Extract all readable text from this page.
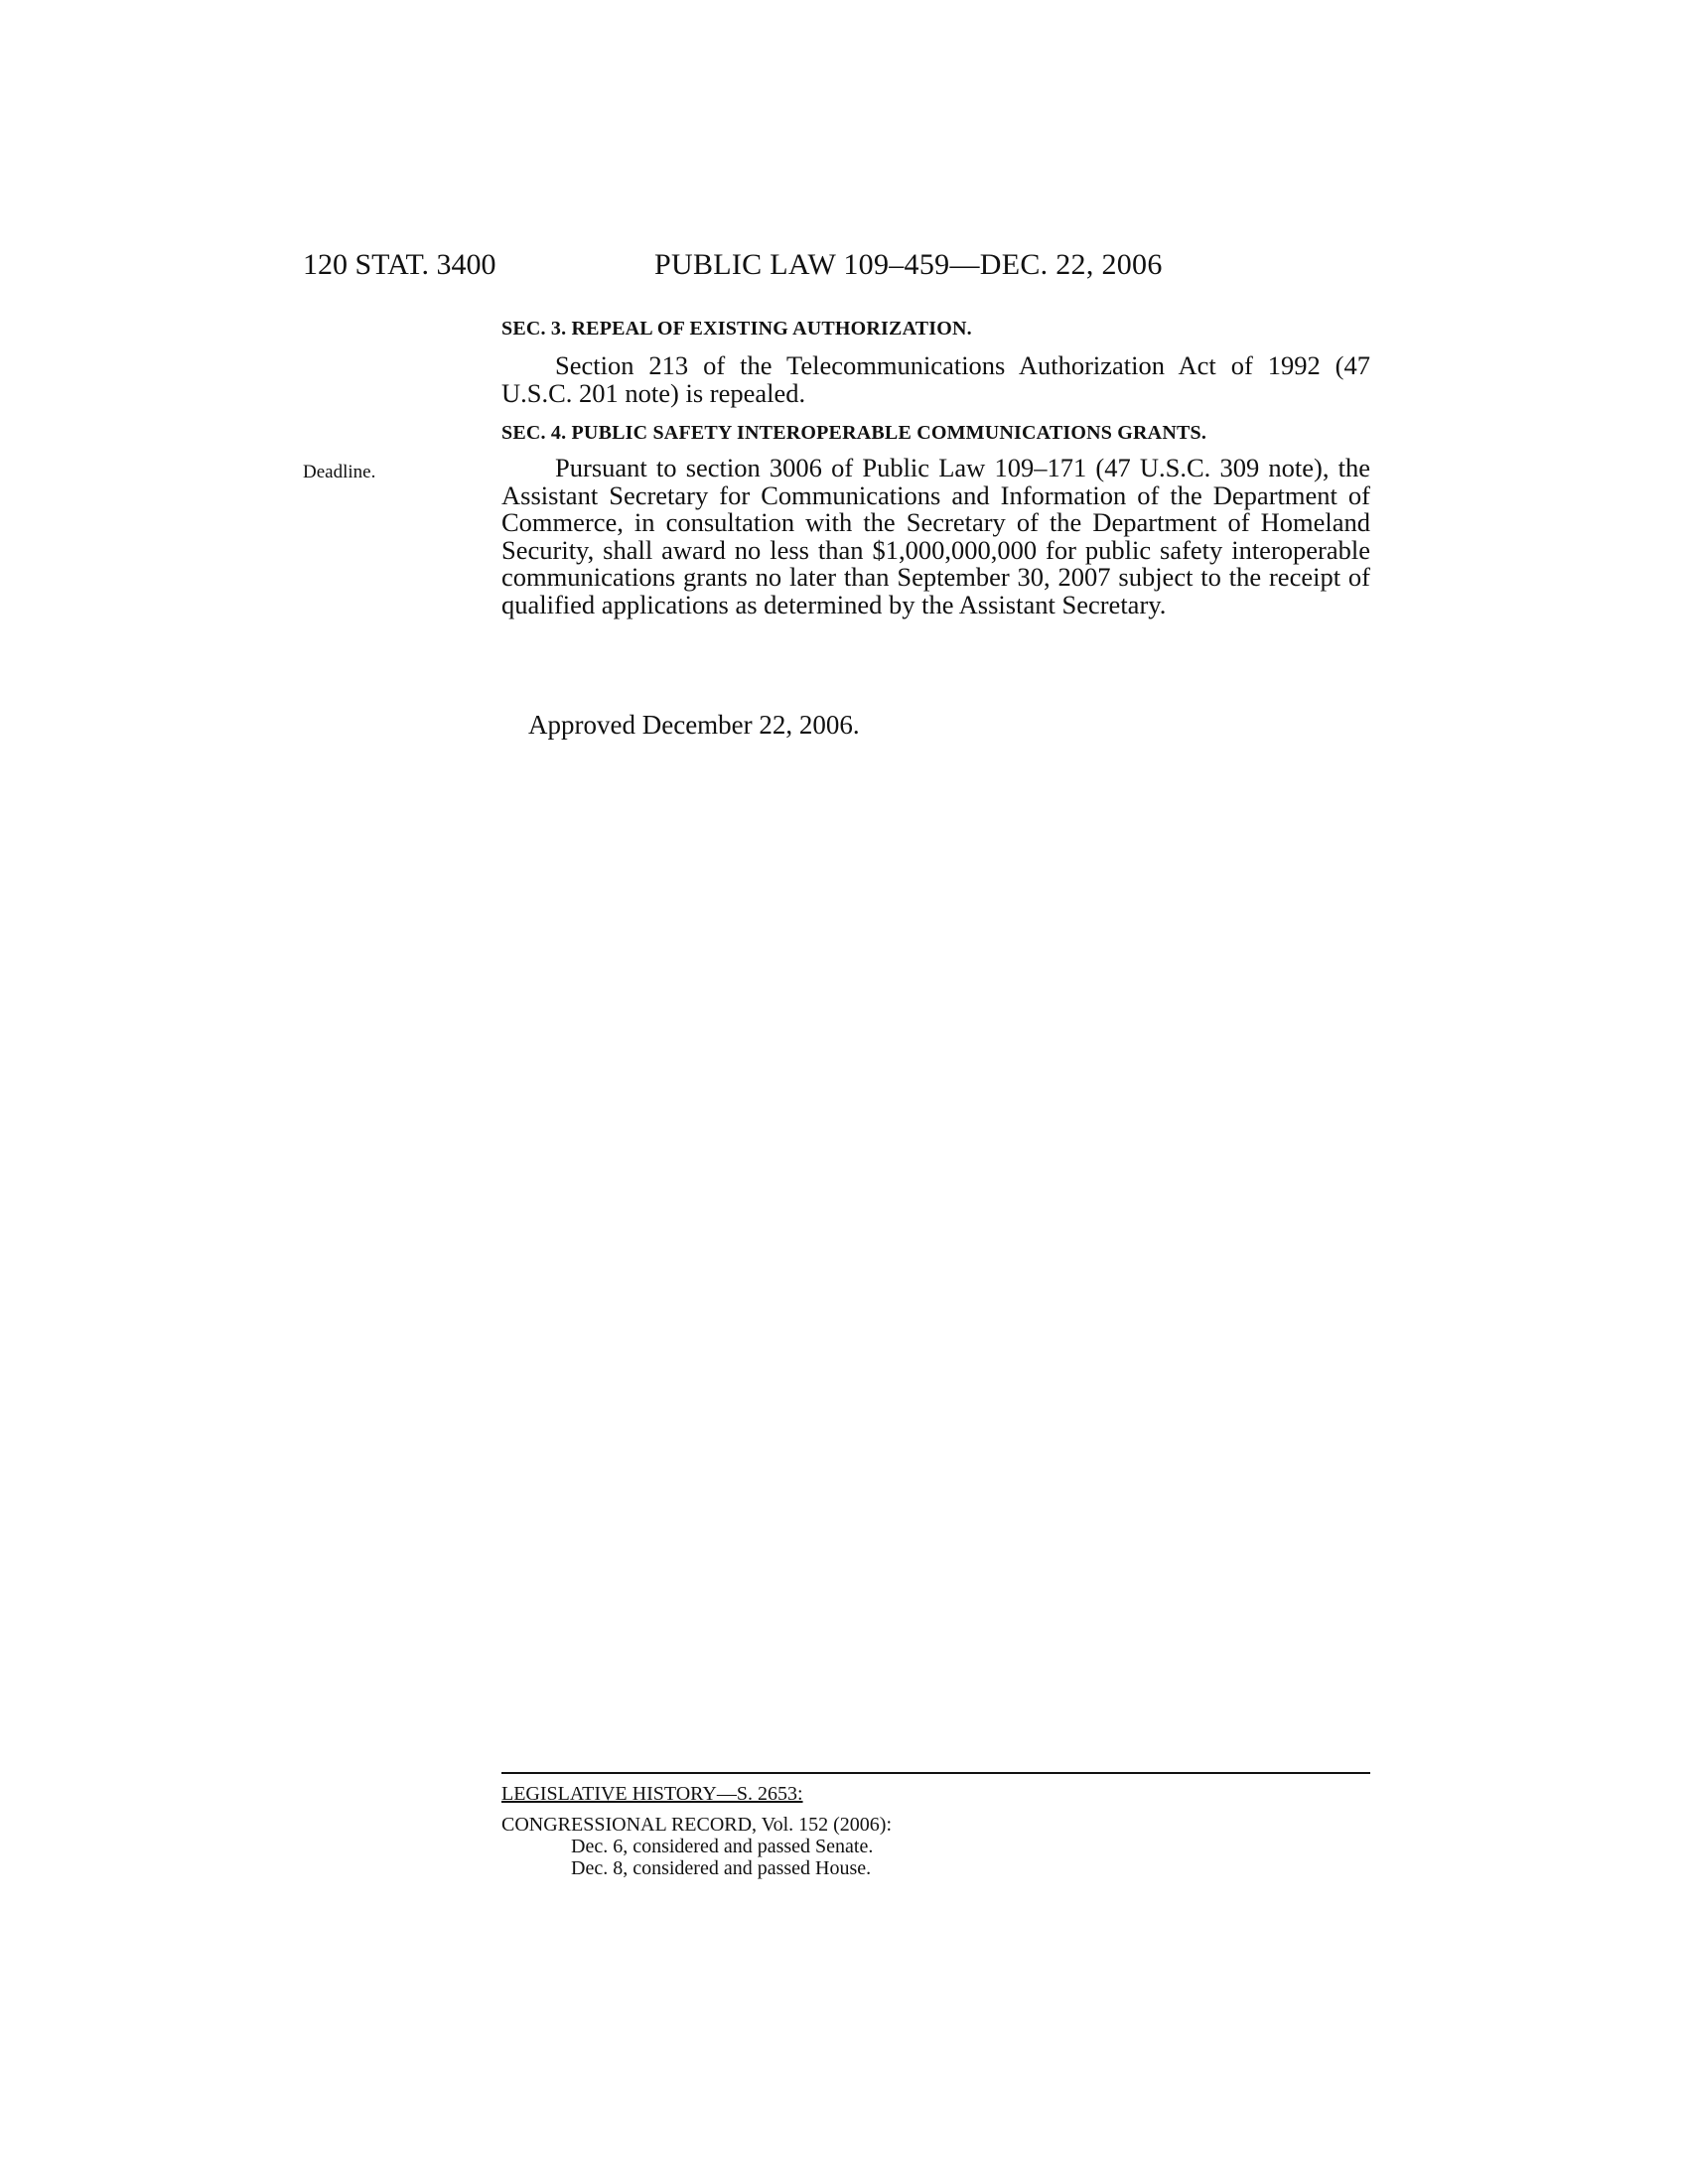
120 STAT. 3400	PUBLIC LAW 109–459—DEC. 22, 2006
SEC. 3. REPEAL OF EXISTING AUTHORIZATION.

Section 213 of the Telecommunications Authorization Act of 1992 (47 U.S.C. 201 note) is repealed.

SEC. 4. PUBLIC SAFETY INTEROPERABLE COMMUNICATIONS GRANTS.
Deadline.	Pursuant to section 3006 of Public Law 109–171 (47 U.S.C. 309 note), the Assistant Secretary for Communications and Information of the Department of Commerce, in consultation with the Secretary of the Department of Homeland Security, shall award no less than $1,000,000,000 for public safety interoperable communications grants no later than September 30, 2007 subject to the receipt of qualified applications as determined by the Assistant Secretary.

Approved December 22, 2006.
LEGISLATIVE HISTORY—S. 2653:
CONGRESSIONAL RECORD, Vol. 152 (2006):
Dec. 6, considered and passed Senate.
Dec. 8, considered and passed House.
